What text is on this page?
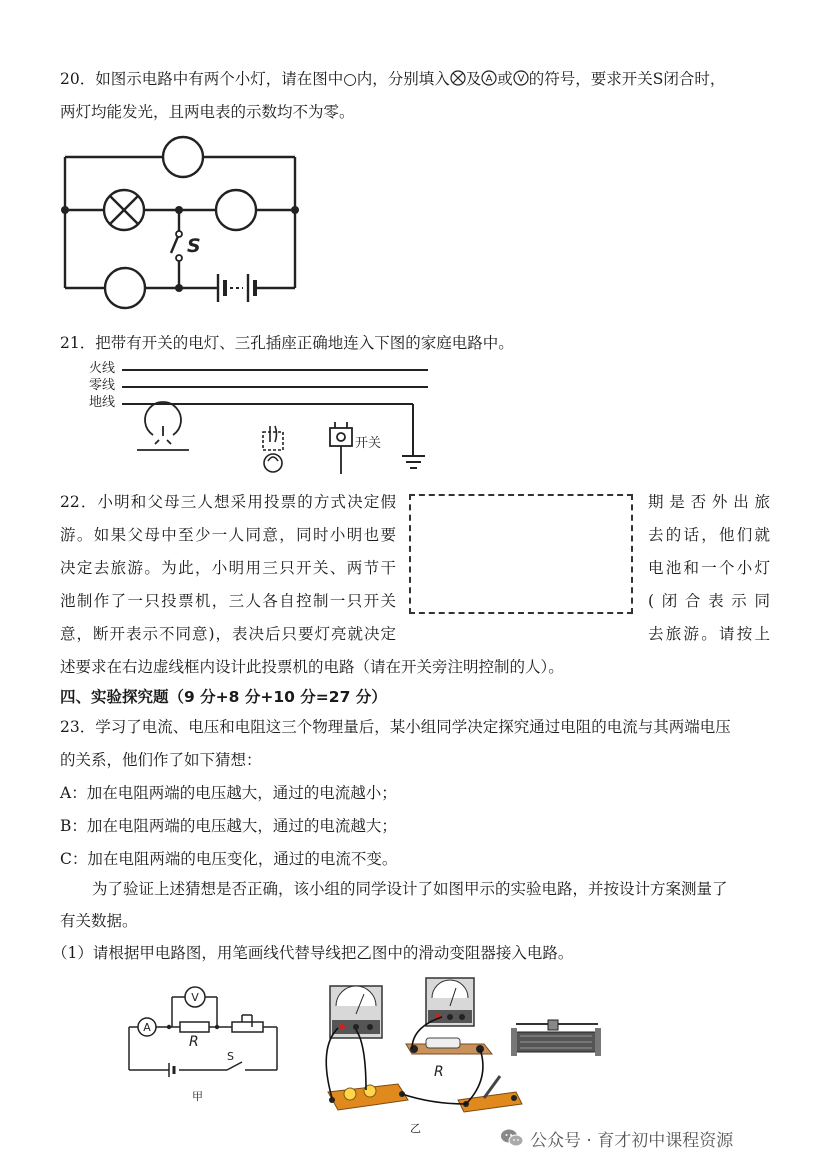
20．如图示电路中有两个小灯，请在图中○内，分别填入 及 A 或 V 的符号，要求开关S闭合时，
两灯均能发光，且两电表的示数均不为零。
S
21．把带有开关的电灯、三孔插座正确地连入下图的家庭电路中。
火线
零线
地线
开关
22．小明和父母三人想采用投票的方式决定假
游。如果父母中至少一人同意，同时小明也要
决定去旅游。为此，小明用三只开关、两节干
池制作了一只投票机，三人各自控制一只开关
意，断开表示不同意)，表决后只要灯亮就决定
期是否外出旅
去的话，他们就
电池和一个小灯
(闭合表示同
去旅游。请按上
述要求在右边虚线框内设计此投票机的电路（请在开关旁注明控制的人）。
四、实验探究题（9 分+8 分+10 分=27 分）
23．学习了电流、电压和电阻这三个物理量后，某小组同学决定探究通过电阻的电流与其两端电压
的关系，他们作了如下猜想：
A：加在电阻两端的电压越大，通过的电流越小；
B：加在电阻两端的电压越大，通过的电流越大；
C：加在电阻两端的电压变化，通过的电流不变。
为了验证上述猜想是否正确，该小组的同学设计了如图甲示的实验电路，并按设计方案测量了
有关数据。
（1）请根据甲电路图，用笔画线代替导线把乙图中的滑动变阻器接入电路。
V
A
R
S
甲
R
乙
公众号 · 育才初中课程资源
